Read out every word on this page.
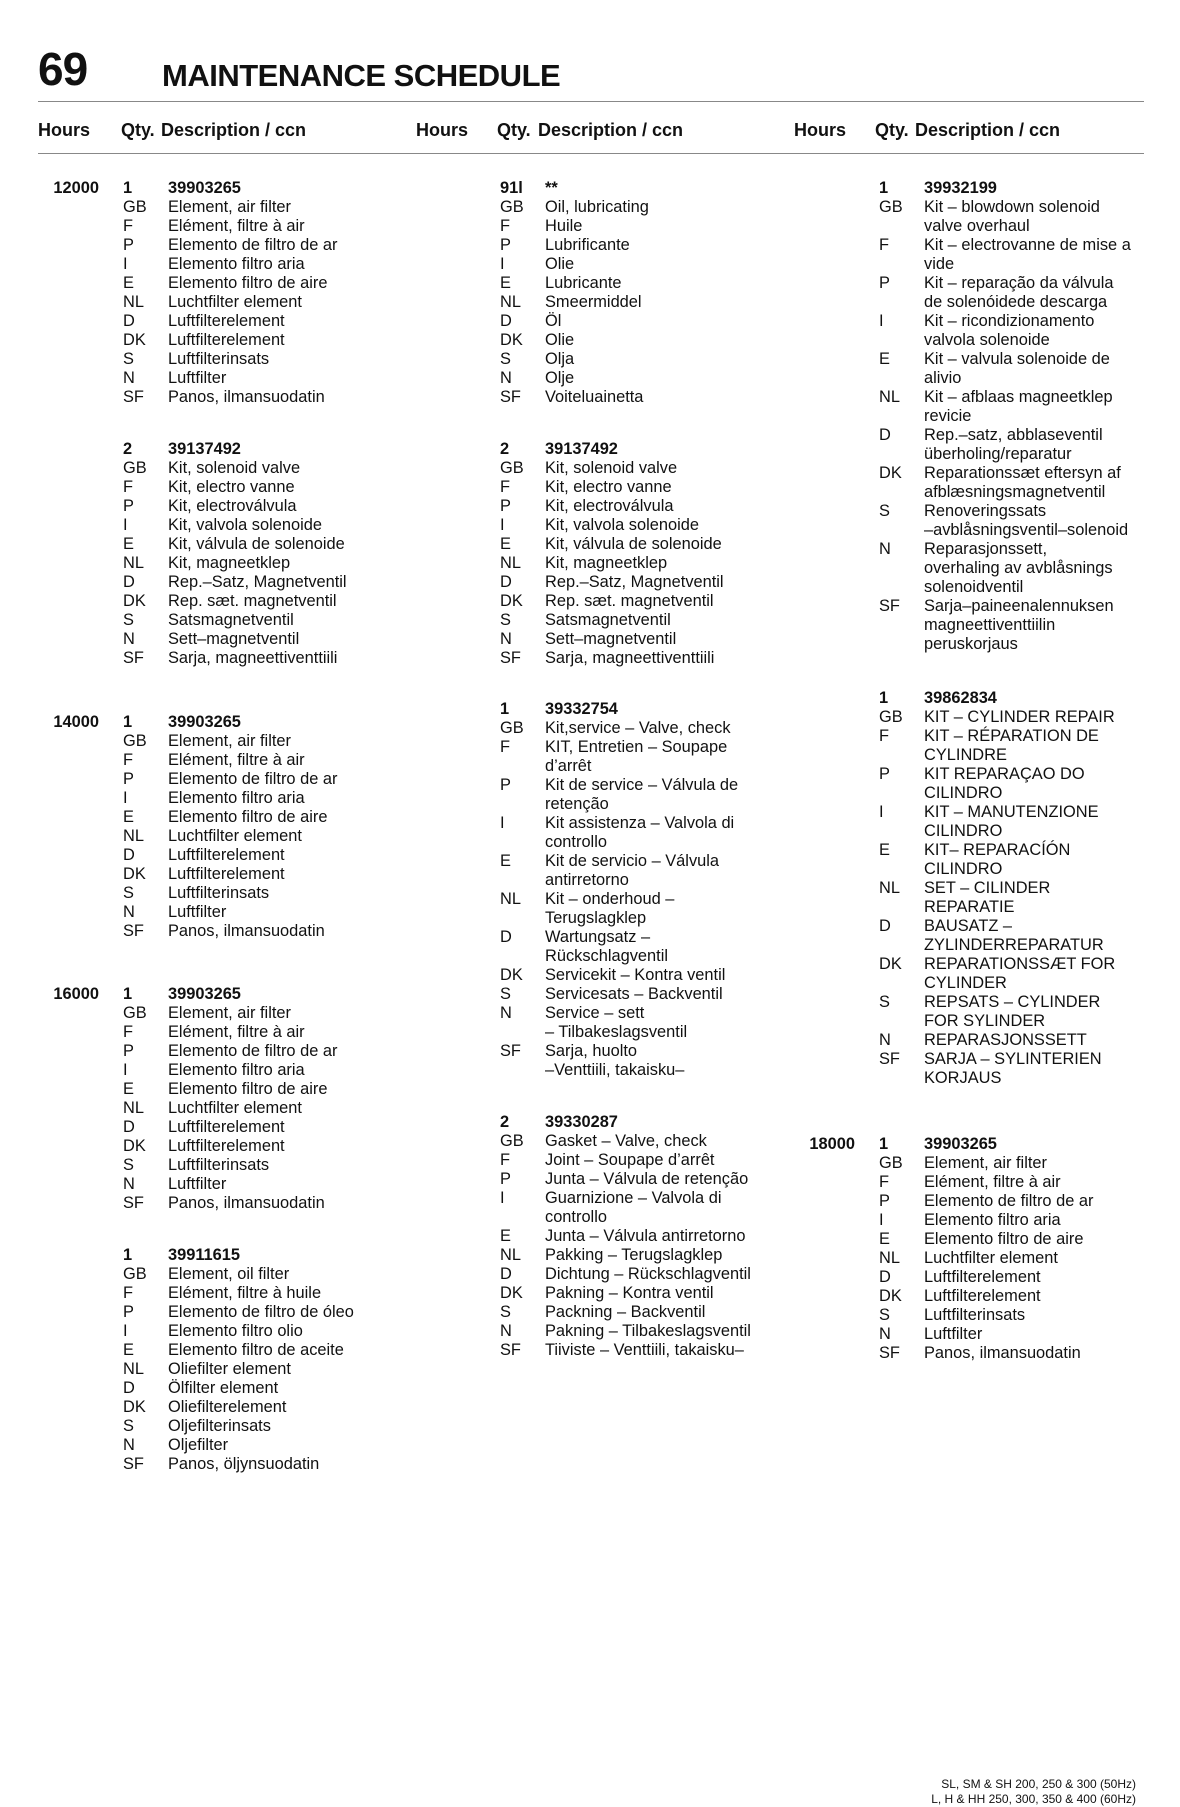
69 MAINTENANCE SCHEDULE
Hours Qty. Description / ccn	Hours Qty. Description / ccn	Hours Qty. Description / ccn
12000 1	39903265
GB	Element, air filter
F	Elément, filtre à air
P	Elemento de filtro de ar
I	Elemento filtro aria
E	Elemento filtro de aire
NL	Luchtfilter element
D	Luftfilterelement
DK	Luftfilterelement
S	Luftfilterinsats
N	Luftfilter
SF	Panos, ilmansuodatin
2	39137492
GB	Kit, solenoid valve
F	Kit, electro vanne
P	Kit, electroválvula
I	Kit, valvola solenoide
E	Kit, válvula de solenoide
NL	Kit, magneetklep
D	Rep.–Satz, Magnetventil
DK	Rep. sæt. magnetventil
S	Satsmagnetventil
N	Sett–magnetventil
SF	Sarja, magneettiventtiili
14000 1	39903265
GB	Element, air filter
F	Elément, filtre à air
P	Elemento de filtro de ar
I	Elemento filtro aria
E	Elemento filtro de aire
NL	Luchtfilter element
D	Luftfilterelement
DK	Luftfilterelement
S	Luftfilterinsats
N	Luftfilter
SF	Panos, ilmansuodatin
16000 1	39903265
GB	Element, air filter
F	Elément, filtre à air
P	Elemento de filtro de ar
I	Elemento filtro aria
E	Elemento filtro de aire
NL	Luchtfilter element
D	Luftfilterelement
DK	Luftfilterelement
S	Luftfilterinsats
N	Luftfilter
SF	Panos, ilmansuodatin
1	39911615
GB	Element, oil filter
F	Elément, filtre à huile
P	Elemento de filtro de óleo
I	Elemento filtro olio
E	Elemento filtro de aceite
NL	Oliefilter element
D	Ölfilter element
DK	Oliefilterelement
S	Oljefilterinsats
N	Oljefilter
SF	Panos, öljynsuodatin
91l	**
GB	Oil, lubricating
F	Huile
P	Lubrificante
I	Olie
E	Lubricante
NL	Smeermiddel
D	Öl
DK	Olie
S	Olja
N	Olje
SF	Voiteluainetta
2	39137492
GB	Kit, solenoid valve
F	Kit, electro vanne
P	Kit, electroválvula
I	Kit, valvola solenoide
E	Kit, válvula de solenoide
NL	Kit, magneetklep
D	Rep.–Satz, Magnetventil
DK	Rep. sæt. magnetventil
S	Satsmagnetventil
N	Sett–magnetventil
SF	Sarja, magneettiventtiili
1	39332754
GB	Kit,service – Valve, check
F	KIT, Entretien – Soupape
d’arrêt
P	Kit de service – Válvula de
retenção
I	Kit assistenza – Valvola di
controllo
E	Kit de servicio – Válvula
antirretorno
NL	Kit – onderhoud –
Terugslagklep
D	Wartungsatz –
Rückschlagventil
DK	Servicekit – Kontra ventil
S	Servicesats – Backventil
N	Service – sett
– Tilbakeslagsventil
SF	Sarja, huolto
–Venttiili, takaisku–
2	39330287
GB	Gasket – Valve, check
F	Joint – Soupape d’arrêt
P	Junta – Válvula de retenção
I	Guarnizione – Valvola di
controllo
E	Junta – Válvula antirretorno
NL	Pakking – Terugslagklep
D	Dichtung – Rückschlagventil
DK	Pakning – Kontra ventil
S	Packning – Backventil
N	Pakning – Tilbakeslagsventil
SF	Tiiviste – Venttiili, takaisku–
1	39932199
GB	Kit – blowdown solenoid
valve overhaul
F	Kit – electrovanne de mise a
vide
P	Kit – reparação da válvula
de solenóidede descarga
I	Kit – ricondizionamento
valvola solenoide
E	Kit – valvula solenoide de
alivio
NL	Kit – afblaas magneetklep
revicie
D	Rep.–satz, abblaseventil
überholing/reparatur
DK	Reparationssæt eftersyn af
afblæsningsmagnetventil
S	Renoveringssats
–avblåsningsventil–solenoid
N	Reparasjonssett,
overhaling av avblåsnings
solenoidventil
SF	Sarja–paineenalennuksen
magneettiventtiilin
peruskorjaus
1	39862834
GB	KIT – CYLINDER REPAIR
F	KIT – RÉPARATION DE
CYLINDRE
P	KIT REPARAÇAO DO
CILINDRO
I	KIT – MANUTENZIONE
CILINDRO
E	KIT– REPARACÍÓN
CILINDRO
NL	SET – CILINDER
REPARATIE
D	BAUSATZ –
ZYLINDERREPARATUR
DK	REPARATIONSSÆT FOR
CYLINDER
S	REPSATS – CYLINDER
FOR SYLINDER
N	REPARASJONSSETT
SF	SARJA – SYLINTERIEN
KORJAUS
18000 1	39903265
GB	Element, air filter
F	Elément, filtre à air
P	Elemento de filtro de ar
I	Elemento filtro aria
E	Elemento filtro de aire
NL	Luchtfilter element
D	Luftfilterelement
DK	Luftfilterelement
S	Luftfilterinsats
N	Luftfilter
SF	Panos, ilmansuodatin
SL, SM & SH 200, 250 & 300 (50Hz)
L, H & HH 250, 300, 350 & 400 (60Hz)
